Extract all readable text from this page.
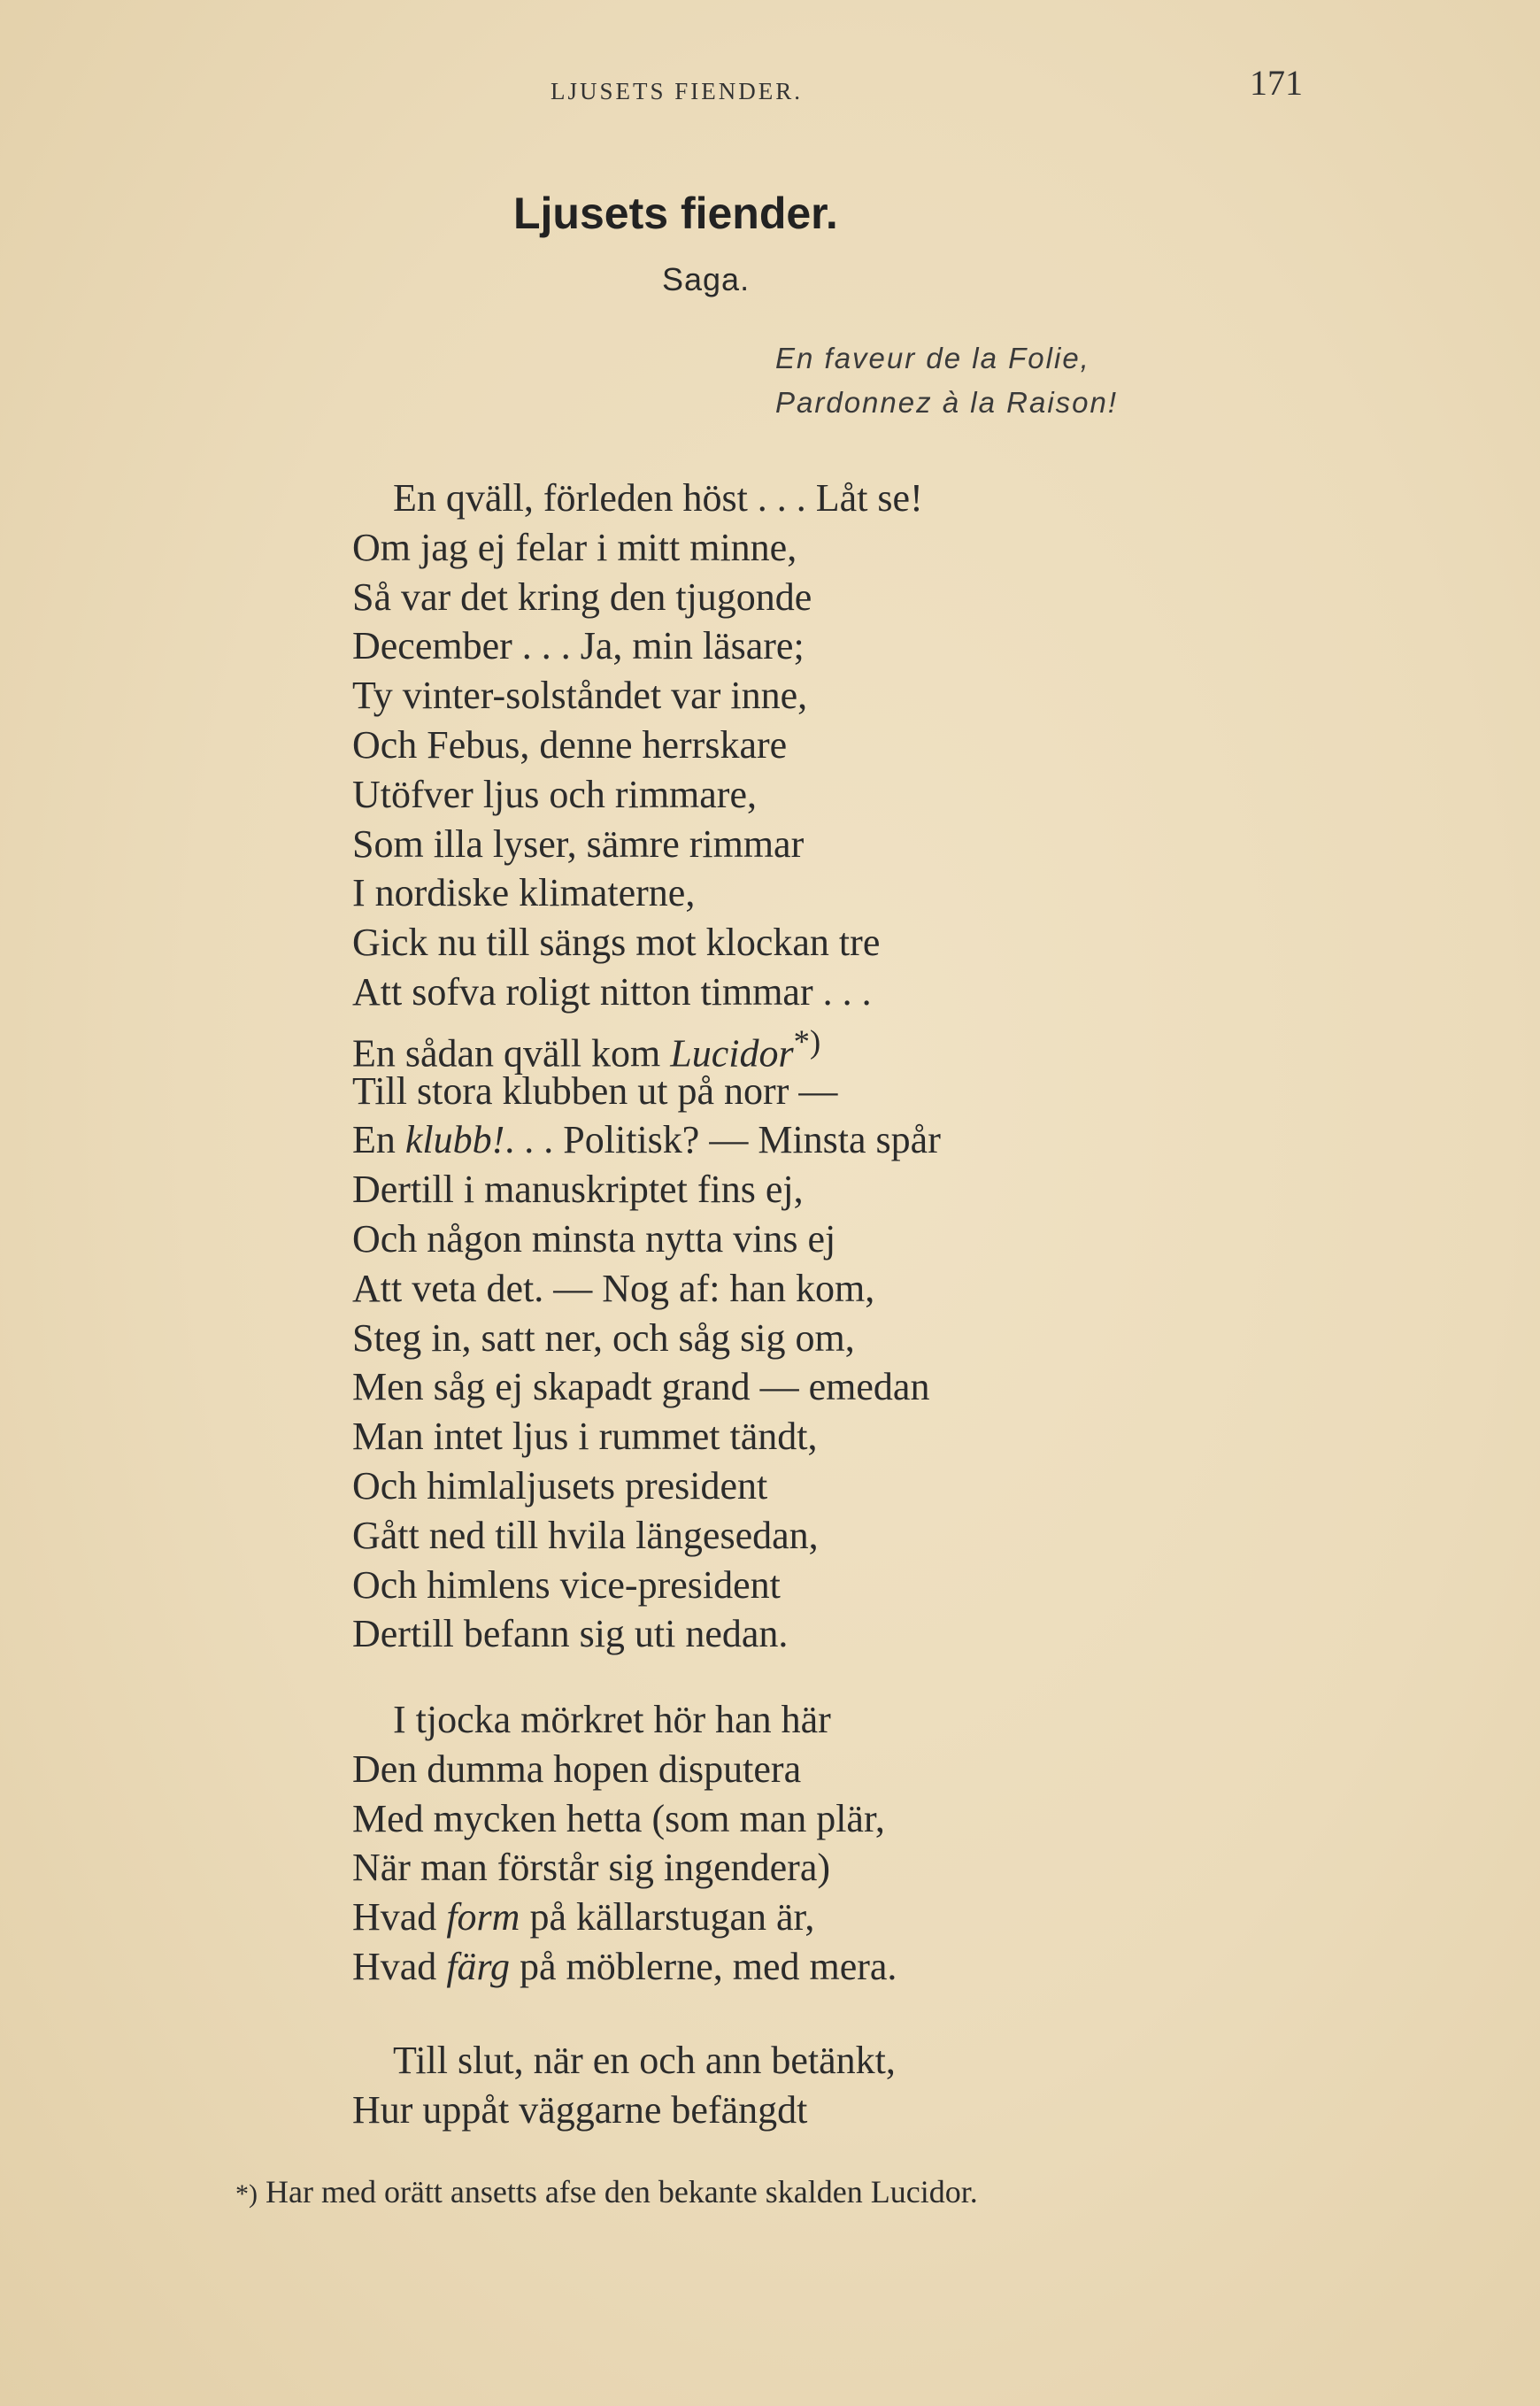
LJUSETS FIENDER.	171
Ljusets fiender.
Saga.
En faveur de la Folie,
Pardonnez à la Raison!
En qväll, förleden höst . . . Låt se!
Om jag ej felar i mitt minne,
Så var det kring den tjugonde
December . . . Ja, min läsare;
Ty vinter-solståndet var inne,
Och Febus, denne herrskare
Utöfver ljus och rimmare,
Som illa lyser, sämre rimmar
I nordiske klimaterne,
Gick nu till sängs mot klockan tre
Att sofva roligt nitton timmar . . .
En sådan qväll kom Lucidor*)
Till stora klubben ut på norr —
En klubb!. . . Politisk? — Minsta spår
Dertill i manuskriptet fins ej,
Och någon minsta nytta vins ej
Att veta det. — Nog af: han kom,
Steg in, satt ner, och såg sig om,
Men såg ej skapadt grand — emedan
Man intet ljus i rummet tändt,
Och himlaljusets president
Gått ned till hvila längesedan,
Och himlens vice-president
Dertill befann sig uti nedan.
I tjocka mörkret hör han här
Den dumma hopen disputera
Med mycken hetta (som man plär,
När man förstår sig ingendera)
Hvad form på källarstugan är,
Hvad färg på möblerne, med mera.
Till slut, när en och ann betänkt,
Hur uppåt väggarne befängdt
*) Har med orätt ansetts afse den bekante skalden Lucidor.
